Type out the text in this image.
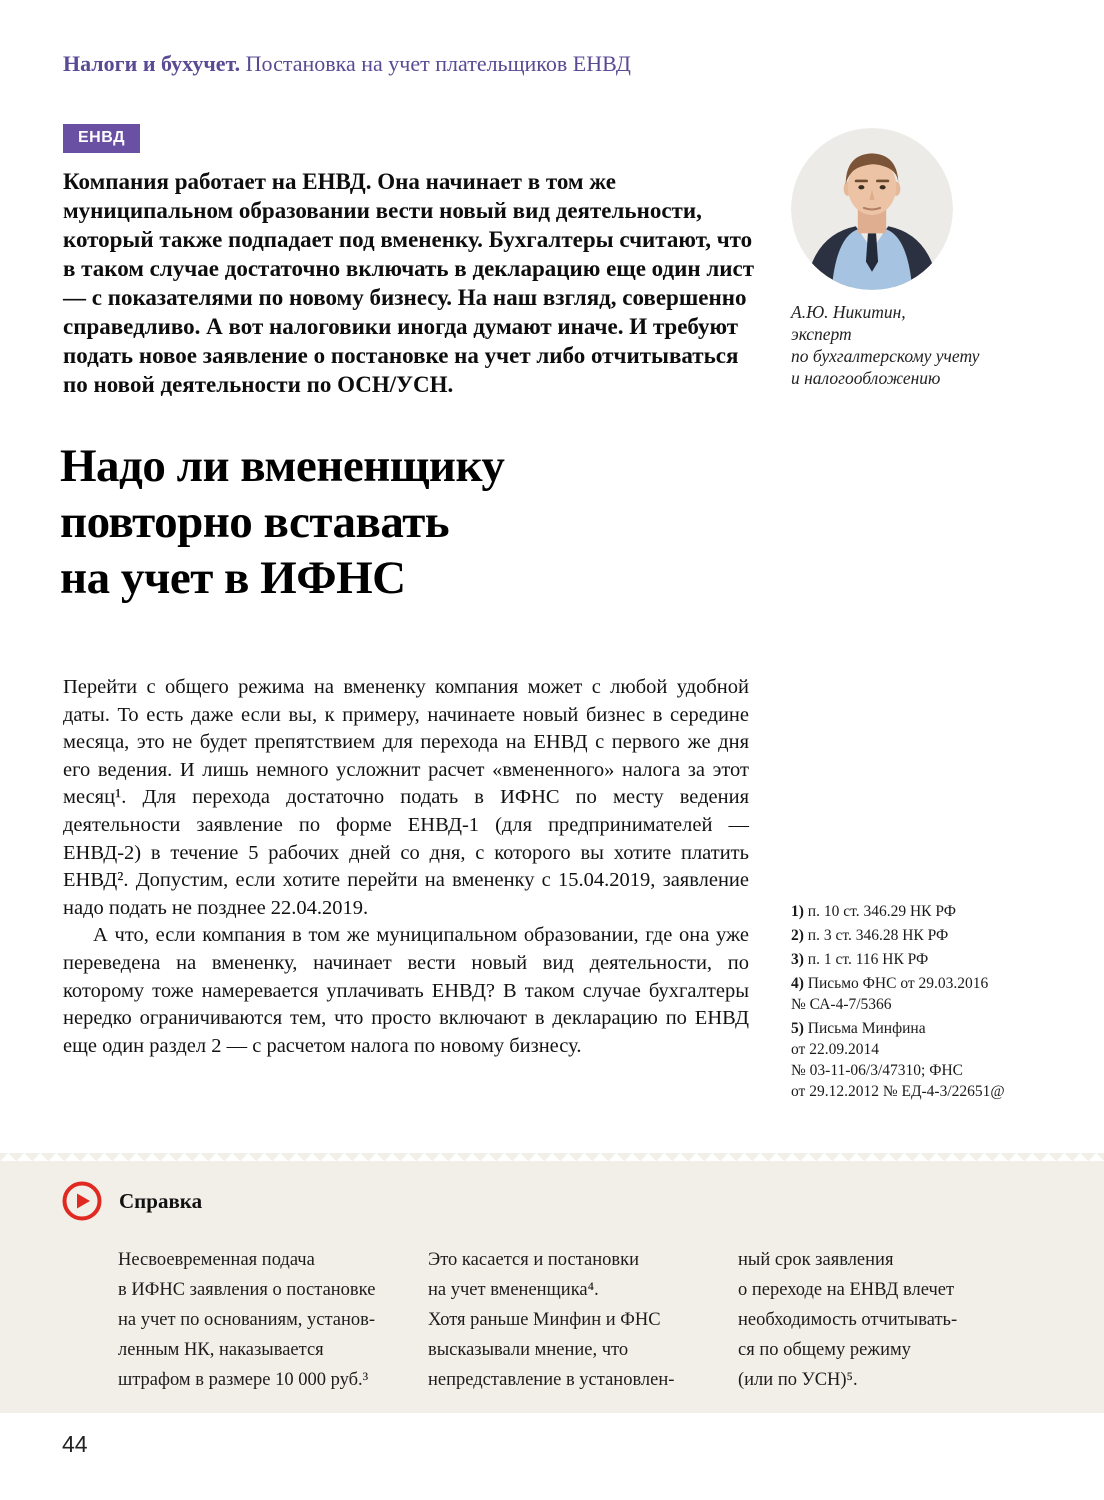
Налоги и бухучет. Постановка на учет плательщиков ЕНВД
ЕНВД
Компания работает на ЕНВД. Она начинает в том же муниципальном образовании вести новый вид деятельности, который также подпадает под вмененку. Бухгалтеры считают, что в таком случае достаточно включать в декларацию еще один лист — с показателями по новому бизнесу. На наш взгляд, совершенно справедливо. А вот налоговики иногда думают иначе. И требуют подать новое заявление о постановке на учет либо отчитываться по новой деятельности по ОСН/УСН.
А.Ю. Никитин,
эксперт
по бухгалтерскому учету
и налогообложению
Надо ли вмененщику
повторно вставать
на учет в ИФНС

Перейти с общего режима на вмененку компания может с любой удобной даты. То есть даже если вы, к примеру, начинаете новый бизнес в середине месяца, это не будет препятствием для перехода на ЕНВД с первого же дня его ведения. И лишь немного усложнит расчет «вмененного» налога за этот месяц¹. Для перехода достаточно подать в ИФНС по месту ведения деятельности заявление по форме ЕНВД-1 (для предпринимателей — ЕНВД-2) в течение 5 рабочих дней со дня, с которого вы хотите платить ЕНВД². Допустим, если хотите перейти на вмененку с 15.04.2019, заявление надо подать не позднее 22.04.2019.

А что, если компания в том же муниципальном образовании, где она уже переведена на вмененку, начинает вести новый вид деятельности, по которому тоже намеревается уплачивать ЕНВД? В таком случае бухгалтеры нередко ограничиваются тем, что просто включают в декларацию по ЕНВД еще один раздел 2 — с расчетом налога по новому бизнесу.

1) п. 10 ст. 346.29 НК РФ
2) п. 3 ст. 346.28 НК РФ
3) п. 1 ст. 116 НК РФ
4) Письмо ФНС от 29.03.2016
№ СА-4-7/5366
5) Письма Минфина
от 22.09.2014
№ 03-11-06/3/47310; ФНС
от 29.12.2012 № ЕД-4-3/22651@
Справка
Несвоевременная подача
в ИФНС заявления о постановке
на учет по основаниям, установ-
ленным НК, наказывается
штрафом в размере 10 000 руб.³
Это касается и постановки
на учет вмененщика⁴.
Хотя раньше Минфин и ФНС
высказывали мнение, что
непредставление в установлен-
ный срок заявления
о переходе на ЕНВД влечет
необходимость отчитывать-
ся по общему режиму
(или по УСН)⁵.
44
